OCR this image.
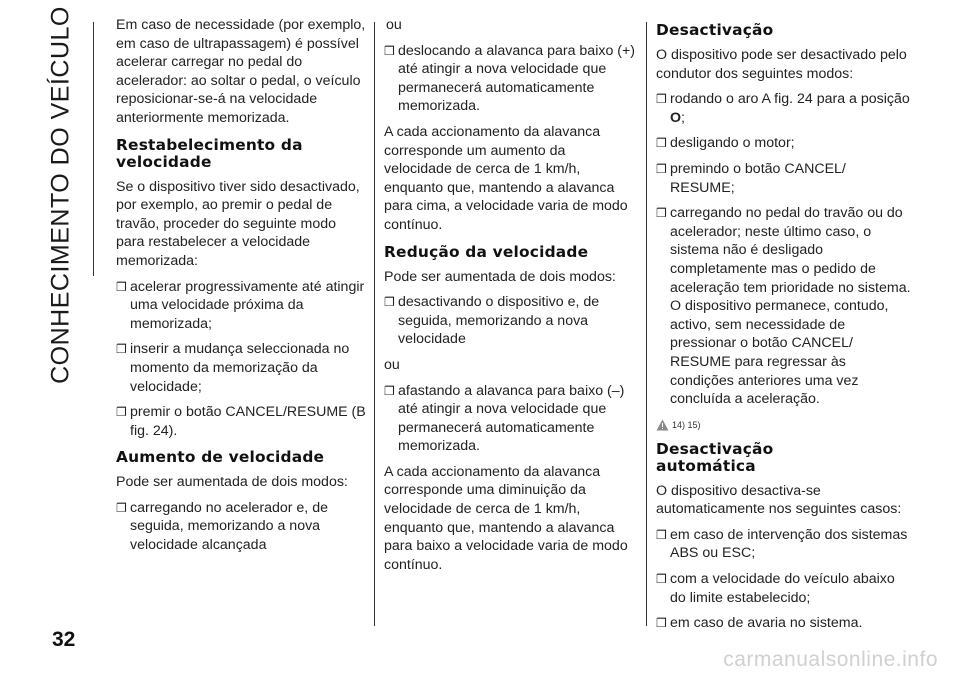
CONHECIMENTO DO VEÍCULO
32

Em caso de necessidade (por exemplo, em caso de ultrapassagem) é possível acelerar carregar no pedal do acelerador: ao soltar o pedal, o veículo reposicionar-se-á na velocidade anteriormente memorizada.

Restabelecimento da velocidade

Se o dispositivo tiver sido desactivado, por exemplo, ao premir o pedal de travão, proceder do seguinte modo para restabelecer a velocidade memorizada:

❒ acelerar progressivamente até atingir uma velocidade próxima da memorizada;
❒ inserir a mudança seleccionada no momento da memorização da velocidade;
❒ premir o botão CANCEL/RESUME (B fig. 24).
Aumento de velocidade

Pode ser aumentada de dois modos:

❒ carregando no acelerador e, de seguida, memorizando a nova velocidade alcançada

ou

❒ deslocando a alavanca para baixo (+) até atingir a nova velocidade que permanecerá automaticamente memorizada.

A cada accionamento da alavanca corresponde um aumento da velocidade de cerca de 1 km/h, enquanto que, mantendo a alavanca para cima, a velocidade varia de modo contínuo.

Redução da velocidade

Pode ser aumentada de dois modos:

❒ desactivando o dispositivo e, de seguida, memorizando a nova velocidade

ou

❒ afastando a alavanca para baixo (–) até atingir a nova velocidade que permanecerá automaticamente memorizada.

A cada accionamento da alavanca corresponde uma diminuição da velocidade de cerca de 1 km/h, enquanto que, mantendo a alavanca para baixo a velocidade varia de modo contínuo.

Desactivação

O dispositivo pode ser desactivado pelo condutor dos seguintes modos:

❒ rodando o aro A fig. 24 para a posição O;
❒ desligando o motor;
❒ premindo o botão CANCEL/ RESUME;
❒ carregando no pedal do travão ou do acelerador; neste último caso, o sistema não é desligado completamente mas o pedido de aceleração tem prioridade no sistema. O dispositivo permanece, contudo, activo, sem necessidade de pressionar o botão CANCEL/ RESUME para regressar às condições anteriores uma vez concluída a aceleração.
14) 15)
Desactivação automática

O dispositivo desactiva-se automaticamente nos seguintes casos:

❒ em caso de intervenção dos sistemas ABS ou ESC;
❒ com a velocidade do veículo abaixo do limite estabelecido;
❒ em caso de avaria no sistema.
carmanualsonline.info
